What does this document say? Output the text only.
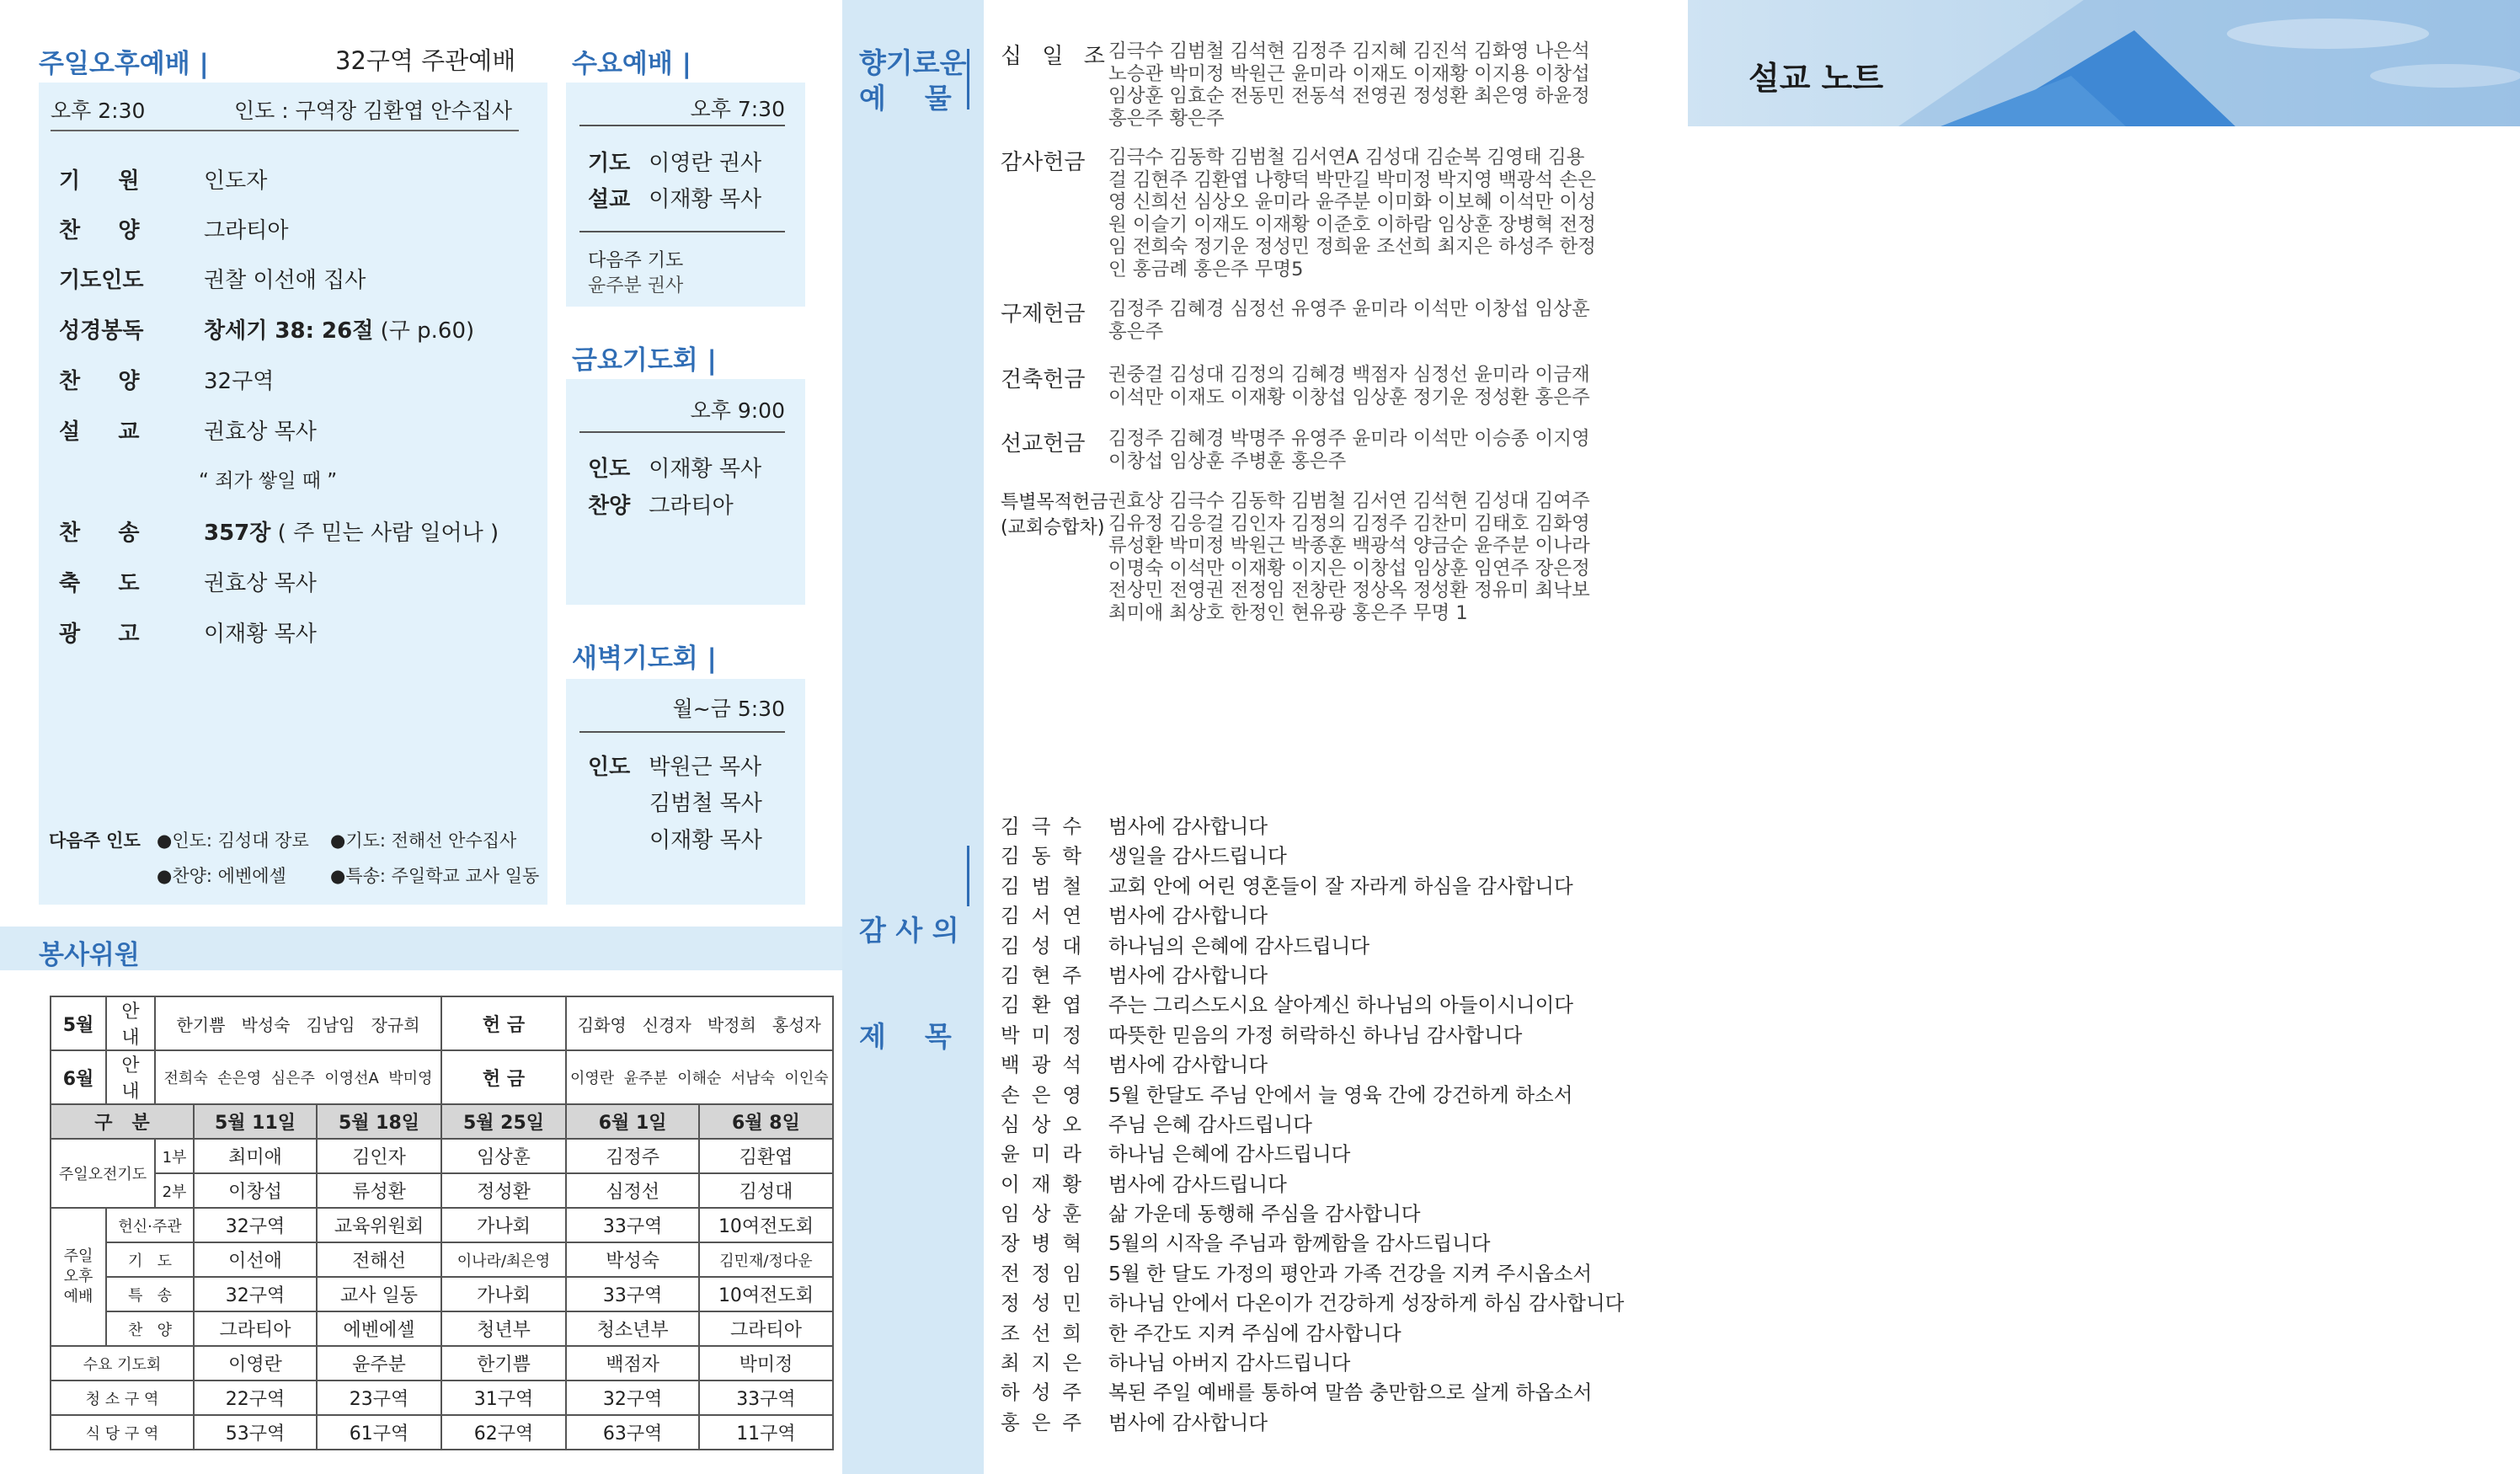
주일오후예배 |	32구역 주관예배
오후 2:30	인도 : 구역장 김환엽 안수집사
기     원	인도자
찬     양	그라티아
기도인도	권찰 이선애 집사
성경봉독	창세기 38: 26절 (구 p.60)
찬     양	32구역
설     교	권효상 목사
“ 죄가 쌓일 때 ”
찬     송	357장 ( 주 믿는 사람 일어나 )
축     도	권효상 목사
광     고	이재황 목사
다음주 인도 ●인도: 김성대 장로 ●기도: 전해선 안수집사
●찬양: 에벤에셀 ●특송: 주일학교 교사 일동
수요예배 |
오후 7:30
기도 이영란 권사
설교 이재황 목사
다음주 기도
윤주분 권사
금요기도회 |
오후 9:00
인도 이재황 목사
찬양 그라티아
새벽기도회 |
월~금 5:30
인도 박원근 목사
김범철 목사
이재황 목사
봉사위원
5월	안 내	한기쁨   박성숙   김남임   장규희			헌 금	김화영   신경자   박정희   홍성자	
6월	안 내	전희숙  손은영  심은주  이영선A  박미영			헌 금	이영란  윤주분  이해순  서남숙  이인숙	
구   분			5월 11일	5월 18일	5월 25일	6월 1일	6월 8일
주일오전기도		1부	최미애	김인자	임상훈	김정주	김환엽
		2부	이창섭	류성환	정성환	심정선	김성대
주일
오후
예배	헌신·주관		32구역	교육위원회	가나회	33구역	10여전도회
	기   도		이선애	전해선	이나라/최은영	박성숙	김민재/정다운
	특   송		32구역	교사 일동	가나회	33구역	10여전도회
	찬   양		그라티아	에벤에셀	청년부	청소년부	그라티아
수요 기도회			이영란	윤주분	한기쁨	백점자	박미정
청 소 구 역			22구역	23구역	31구역	32구역	33구역
식 당 구 역			53구역	61구역	62구역	63구역	11구역
향기로운
예    물

감 사 의

제    목

십 일 조
김극수 김범철 김석현 김정주 김지혜 김진석 김화영 나은석 노승관 박미정 박원근 윤미라 이재도 이재황 이지용 이창섭 임상훈 임효순 전동민 전동석 전영권 정성환 최은영 하윤정 홍은주 황은주
감사헌금 김극수 김동학 김범철 김서연A 김성대 김순복 김영태 김용걸 김현주 김환엽 나향덕 박만길 박미정 박지영 백광석 손은영 신희선 심상오 윤미라 윤주분 이미화 이보혜 이석만 이성원 이슬기 이재도 이재황 이준호 이하람 임상훈 장병혁 전정임 전희숙 정기운 정성민 정희윤 조선희 최지은 하성주 한정인 홍금례 홍은주 무명5
구제헌금 김정주 김혜경 심정선 유영주 윤미라 이석만 이창섭 임상훈 홍은주
건축헌금 권중걸 김성대 김정의 김혜경 백점자 심정선 윤미라 이금재 이석만 이재도 이재황 이창섭 임상훈 정기운 정성환 홍은주
선교헌금 김정주 김혜경 박명주 유영주 윤미라 이석만 이승종 이지영 이창섭 임상훈 주병훈 홍은주
특별목적헌금
(교회승합차)
권효상 김극수 김동학 김범철 김서연 김석현 김성대 김여주 김유정 김응걸 김인자 김정의 김정주 김찬미 김태호 김화영 류성환 박미정 박원근 박종훈 백광석 양금순 윤주분 이나라 이명숙 이석만 이재황 이지은 이창섭 임상훈 임연주 장은정 전상민 전영권 전정임 전창란 정상옥 정성환 정유미 최낙보 최미애 최상호 한정인 현유광 홍은주 무명 1
김극수 범사에 감사합니다
김동학 생일을 감사드립니다
김범철 교회 안에 어린 영혼들이 잘 자라게 하심을 감사합니다
김서연 범사에 감사합니다
김성대 하나님의 은혜에 감사드립니다
김현주 범사에 감사합니다
김환엽 주는 그리스도시요 살아계신 하나님의 아들이시니이다
박미정 따뜻한 믿음의 가정 허락하신 하나님 감사합니다
백광석 범사에 감사합니다
손은영 5월 한달도 주님 안에서 늘 영육 간에 강건하게 하소서
심상오 주님 은혜 감사드립니다
윤미라 하나님 은혜에 감사드립니다
이재황 범사에 감사드립니다
임상훈 삶 가운데 동행해 주심을 감사합니다
장병혁 5월의 시작을 주님과 함께함을 감사드립니다
전정임 5월 한 달도 가정의 평안과 가족 건강을 지켜 주시옵소서
정성민 하나님 안에서 다온이가 건강하게 성장하게 하심 감사합니다
조선희 한 주간도 지켜 주심에 감사합니다
최지은 하나님 아버지 감사드립니다
하성주 복된 주일 예배를 통하여 말씀 충만함으로 살게 하옵소서
홍은주 범사에 감사합니다
설교 노트
